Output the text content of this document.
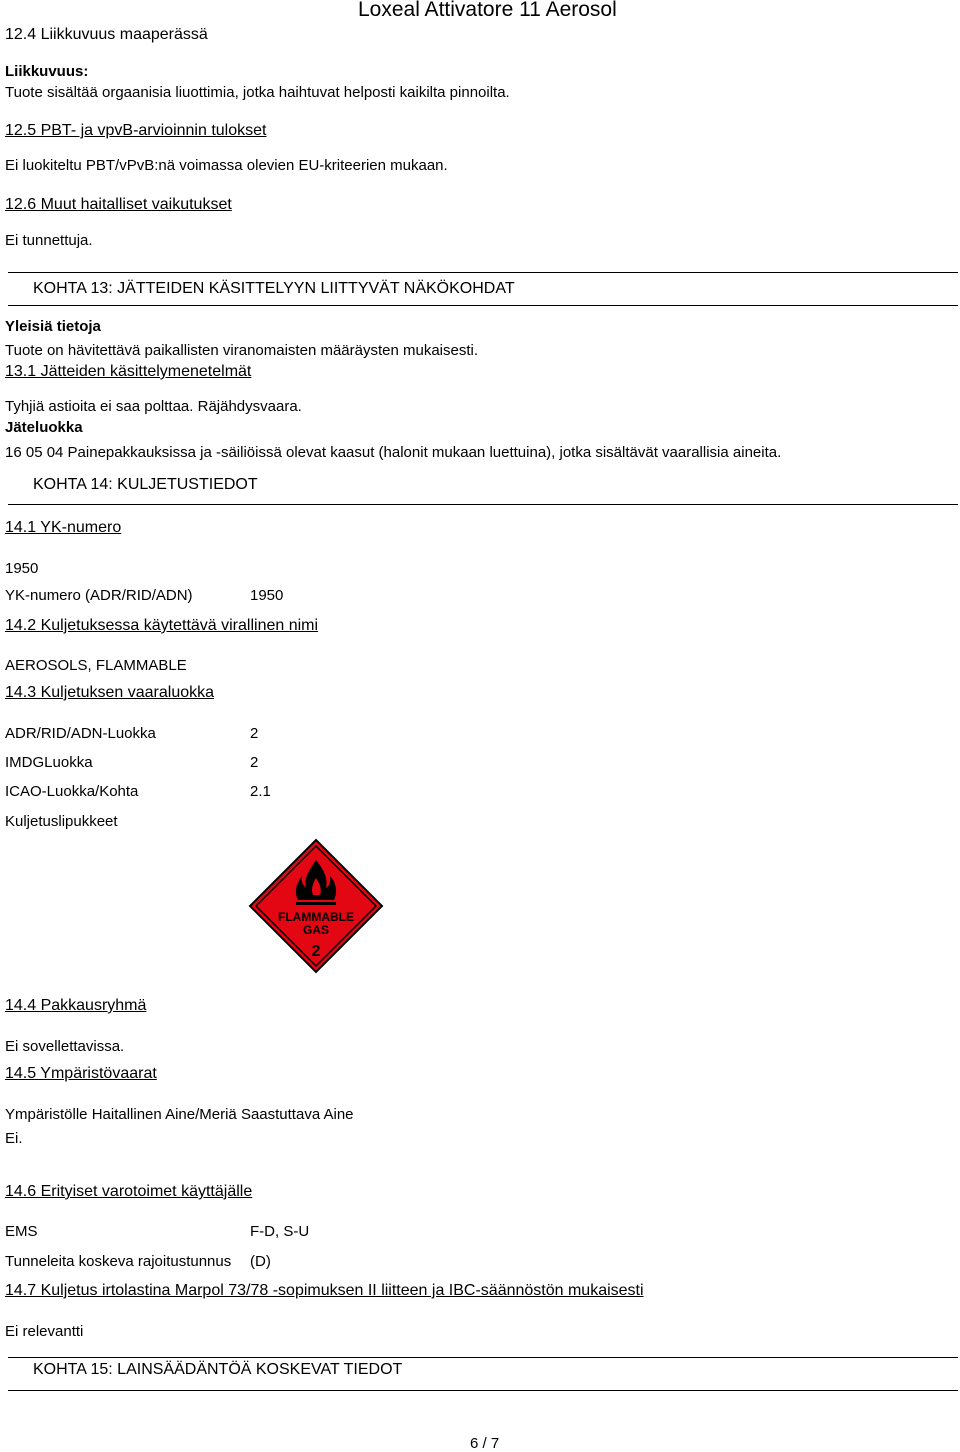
12.4 Liikkuvuus maaperässä
Loxeal Attivatore 11 Aerosol
Liikkuvuus:
Tuote sisältää orgaanisia liuottimia, jotka haihtuvat helposti kaikilta pinnoilta.
12.5 PBT- ja vpvB-arvioinnin tulokset
Ei luokiteltu PBT/vPvB:nä voimassa olevien EU-kriteerien mukaan.
12.6 Muut haitalliset vaikutukset
Ei tunnettuja.
KOHTA 13: JÄTTEIDEN KÄSITTELYYN LIITTYVÄT NÄKÖKOHDAT
Yleisiä tietoja
Tuote on hävitettävä paikallisten viranomaisten määräysten mukaisesti.
13.1 Jätteiden käsittelymenetelmät
Tyhjiä astioita ei saa polttaa. Räjähdysvaara.
Jäteluokka
16 05 04 Painepakkauksissa ja -säiliöissä olevat kaasut (halonit mukaan luettuina), jotka sisältävät vaarallisia aineita.
KOHTA 14: KULJETUSTIEDOT
14.1 YK-numero
1950
YK-numero (ADR/RID/ADN)	1950
14.2 Kuljetuksessa käytettävä virallinen nimi
AEROSOLS, FLAMMABLE
14.3 Kuljetuksen vaaraluokka
ADR/RID/ADN-Luokka	2
IMDGLuokka	2
ICAO-Luokka/Kohta	2.1
Kuljetuslipukkeet
FLAMMABLE
GAS
2
14.4 Pakkausryhmä
Ei sovellettavissa.
14.5 Ympäristövaarat
Ympäristölle Haitallinen Aine/Meriä Saastuttava Aine
Ei.
14.6 Erityiset varotoimet käyttäjälle
EMS	F-D, S-U
Tunneleita koskeva rajoitustunnus (D)
14.7 Kuljetus irtolastina Marpol 73/78 -sopimuksen II liitteen ja IBC-säännöstön mukaisesti
Ei relevantti
KOHTA 15: LAINSÄÄDÄNTÖÄ KOSKEVAT TIEDOT
6 / 7
